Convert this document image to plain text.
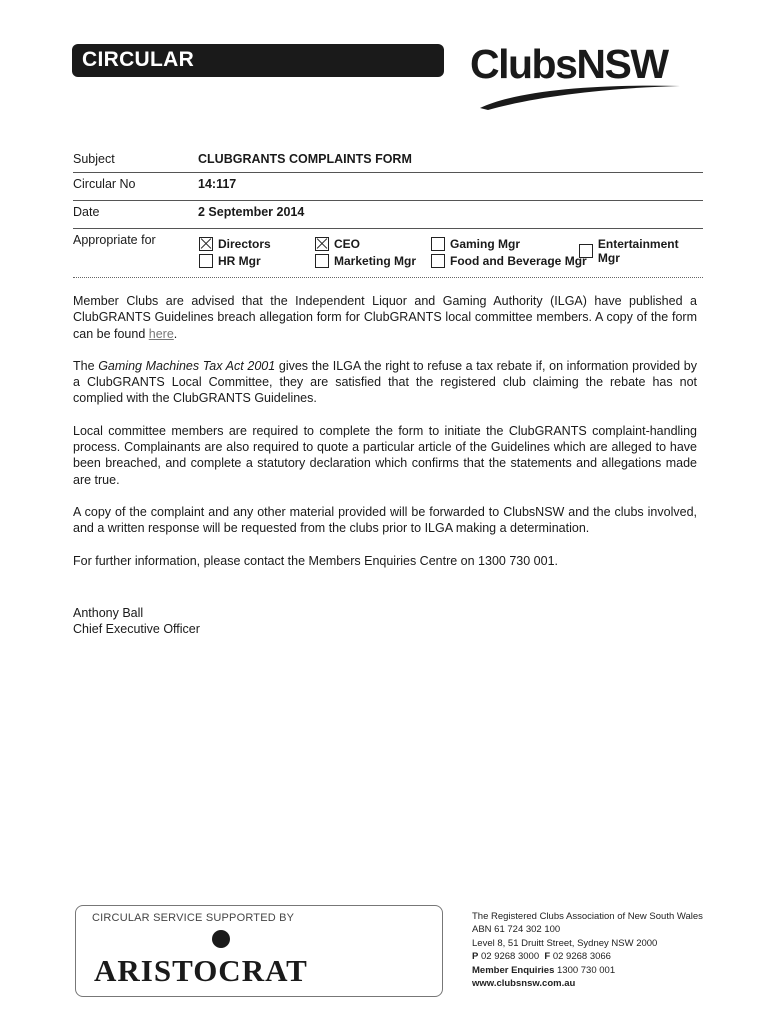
CIRCULAR	ClubsNSW
Subject	CLUBGRANTS COMPLAINTS FORM
Circular No	14:117
Date	2 September 2014
Appropriate for	Directors	CEO	Gaming Mgr	Entertainment Mgr
HR Mgr	Marketing Mgr	Food and Beverage Mgr

Member Clubs are advised that the Independent Liquor and Gaming Authority (ILGA) have published a ClubGRANTS Guidelines breach allegation form for ClubGRANTS local committee members. A copy of the form can be found here.

The Gaming Machines Tax Act 2001 gives the ILGA the right to refuse a tax rebate if, on information provided by a ClubGRANTS Local Committee, they are satisfied that the registered club claiming the rebate has not complied with the ClubGRANTS Guidelines.

Local committee members are required to complete the form to initiate the ClubGRANTS complaint-handling process. Complainants are also required to quote a particular article of the Guidelines which are alleged to have been breached, and complete a statutory declaration which confirms that the statements and allegations made are true.

A copy of the complaint and any other material provided will be forwarded to ClubsNSW and the clubs involved, and a written response will be requested from the clubs prior to ILGA making a determination.

For further information, please contact the Members Enquiries Centre on 1300 730 001.

Anthony Ball
Chief Executive Officer
CIRCULAR SERVICE SUPPORTED BY
ARISTOCRAT
The Registered Clubs Association of New South Wales
ABN 61 724 302 100
Level 8, 51 Druitt Street, Sydney NSW 2000
P 02 9268 3000 F 02 9268 3066
Member Enquiries 1300 730 001
www.clubsnsw.com.au
